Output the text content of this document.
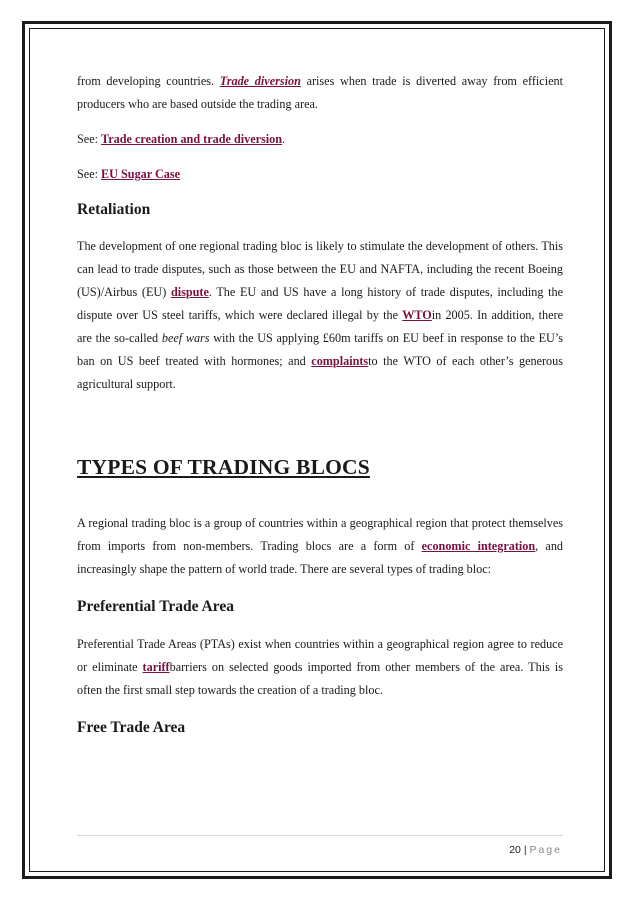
from developing countries. Trade diversion arises when trade is diverted away from efficient producers who are based outside the trading area.

See: Trade creation and trade diversion.

See: EU Sugar Case

Retaliation

The development of one regional trading bloc is likely to stimulate the development of others. This can lead to trade disputes, such as those between the EU and NAFTA, including the recent Boeing (US)/Airbus (EU) dispute. The EU and US have a long history of trade disputes, including the dispute over US steel tariffs, which were declared illegal by the WTOin 2005. In addition, there are the so-called beef wars with the US applying £60m tariffs on EU beef in response to the EU’s ban on US beef treated with hormones; and complaintsto the WTO of each other’s generous agricultural support.

TYPES OF TRADING BLOCS

A regional trading bloc is a group of countries within a geographical region that protect themselves from imports from non-members. Trading blocs are a form of economic integration, and increasingly shape the pattern of world trade. There are several types of trading bloc:

Preferential Trade Area

Preferential Trade Areas (PTAs) exist when countries within a geographical region agree to reduce or eliminate tariffbarriers on selected goods imported from other members of the area. This is often the first small step towards the creation of a trading bloc.

Free Trade Area
20 | Page
